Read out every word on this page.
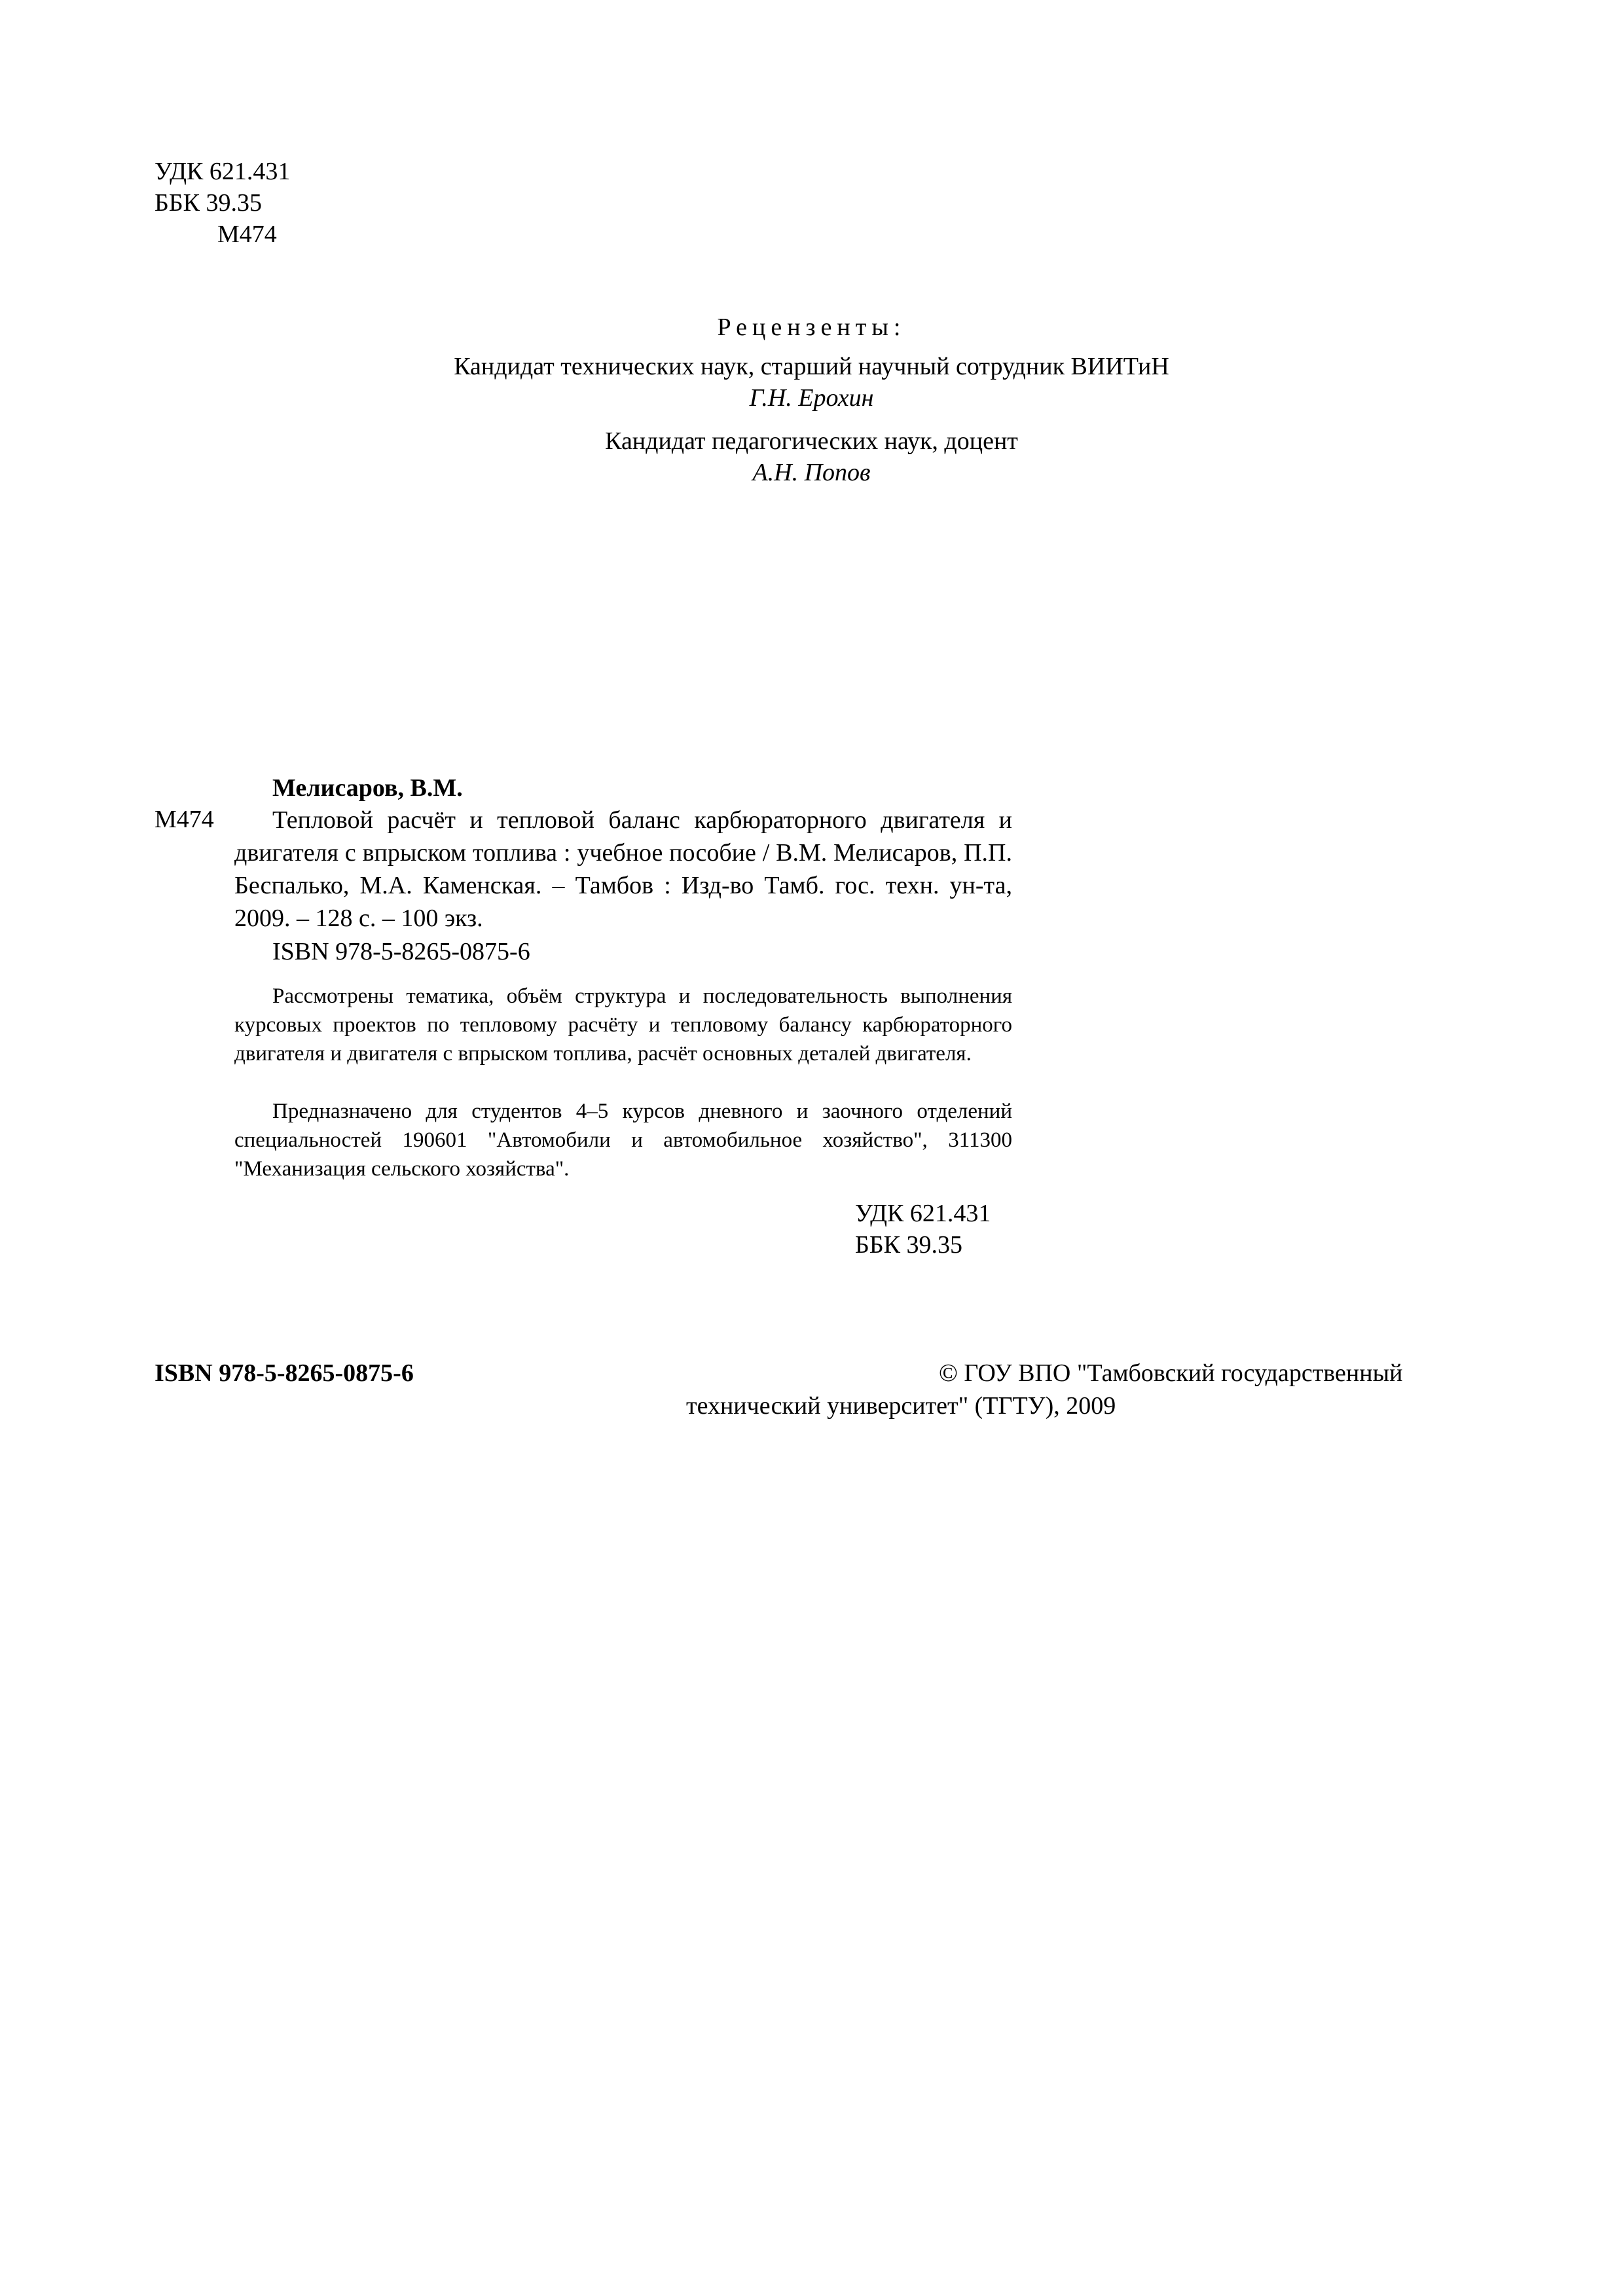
УДК 621.431
ББК 39.35
М474
Рецензенты:
Кандидат технических наук, старший научный сотрудник ВИИТиН
Г.Н. Ерохин
Кандидат педагогических наук, доцент
А.Н. Попов
Мелисаров, В.М.
М474	Тепловой расчёт и тепловой баланс карбюраторного двигателя и двигателя с впрыском топлива : учебное пособие / В.М. Мелисаров, П.П. Беспалько, М.А. Каменская. – Тамбов : Изд-во Тамб. гос. техн. ун-та, 2009. – 128 с. – 100 экз.
ISBN 978-5-8265-0875-6
Рассмотрены тематика, объём структура и последовательность выполнения курсовых проектов по тепловому расчёту и тепловому балансу карбюраторного двигателя и двигателя с впрыском топлива, расчёт основных деталей двигателя.
Предназначено для студентов 4–5 курсов дневного и заочного отделений специальностей 190601 "Автомобили и автомобильное хозяйство", 311300 "Механизация сельского хозяйства".
УДК 621.431
ББК 39.35
ISBN 978-5-8265-0875-6	© ГОУ ВПО "Тамбовский государственный
технический университет" (ТГТУ), 2009
